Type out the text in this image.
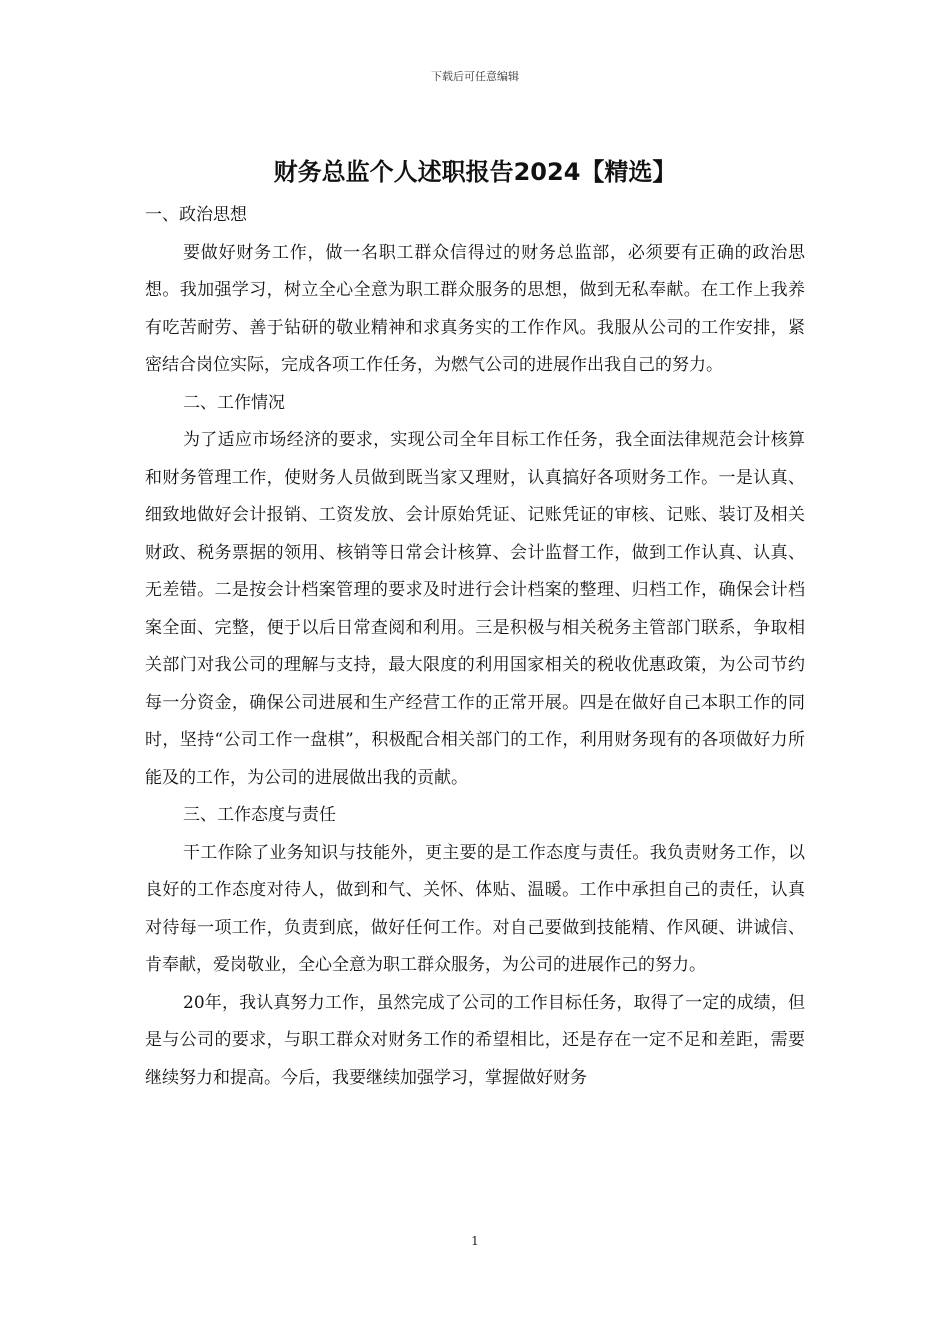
下载后可任意编辑
财务总监个人述职报告2024【精选】

一、政治思想

要做好财务工作，做一名职工群众信得过的财务总监部，必须要有正确的政治思想。我加强学习，树立全心全意为职工群众服务的思想，做到无私奉献。在工作上我养有吃苦耐劳、善于钻研的敬业精神和求真务实的工作作风。我服从公司的工作安排，紧密结合岗位实际，完成各项工作任务，为燃气公司的进展作出我自己的努力。

二、工作情况

为了适应市场经济的要求，实现公司全年目标工作任务，我全面法律规范会计核算和财务管理工作，使财务人员做到既当家又理财，认真搞好各项财务工作。一是认真、细致地做好会计报销、工资发放、会计原始凭证、记账凭证的审核、记账、装订及相关财政、税务票据的领用、核销等日常会计核算、会计监督工作，做到工作认真、认真、无差错。二是按会计档案管理的要求及时进行会计档案的整理、归档工作，确保会计档案全面、完整，便于以后日常查阅和利用。三是积极与相关税务主管部门联系，争取相关部门对我公司的理解与支持，最大限度的利用国家相关的税收优惠政策，为公司节约每一分资金，确保公司进展和生产经营工作的正常开展。四是在做好自己本职工作的同时，坚持“公司工作一盘棋”，积极配合相关部门的工作，利用财务现有的各项做好力所能及的工作，为公司的进展做出我的贡献。

三、工作态度与责任

干工作除了业务知识与技能外，更主要的是工作态度与责任。我负责财务工作，以良好的工作态度对待人，做到和气、关怀、体贴、温暖。工作中承担自己的责任，认真对待每一项工作，负责到底，做好任何工作。对自己要做到技能精、作风硬、讲诚信、肯奉献，爱岗敬业，全心全意为职工群众服务，为公司的进展作己的努力。

20年，我认真努力工作，虽然完成了公司的工作目标任务，取得了一定的成绩，但是与公司的要求，与职工群众对财务工作的希望相比，还是存在一定不足和差距，需要继续努力和提高。今后，我要继续加强学习，掌握做好财务

1
